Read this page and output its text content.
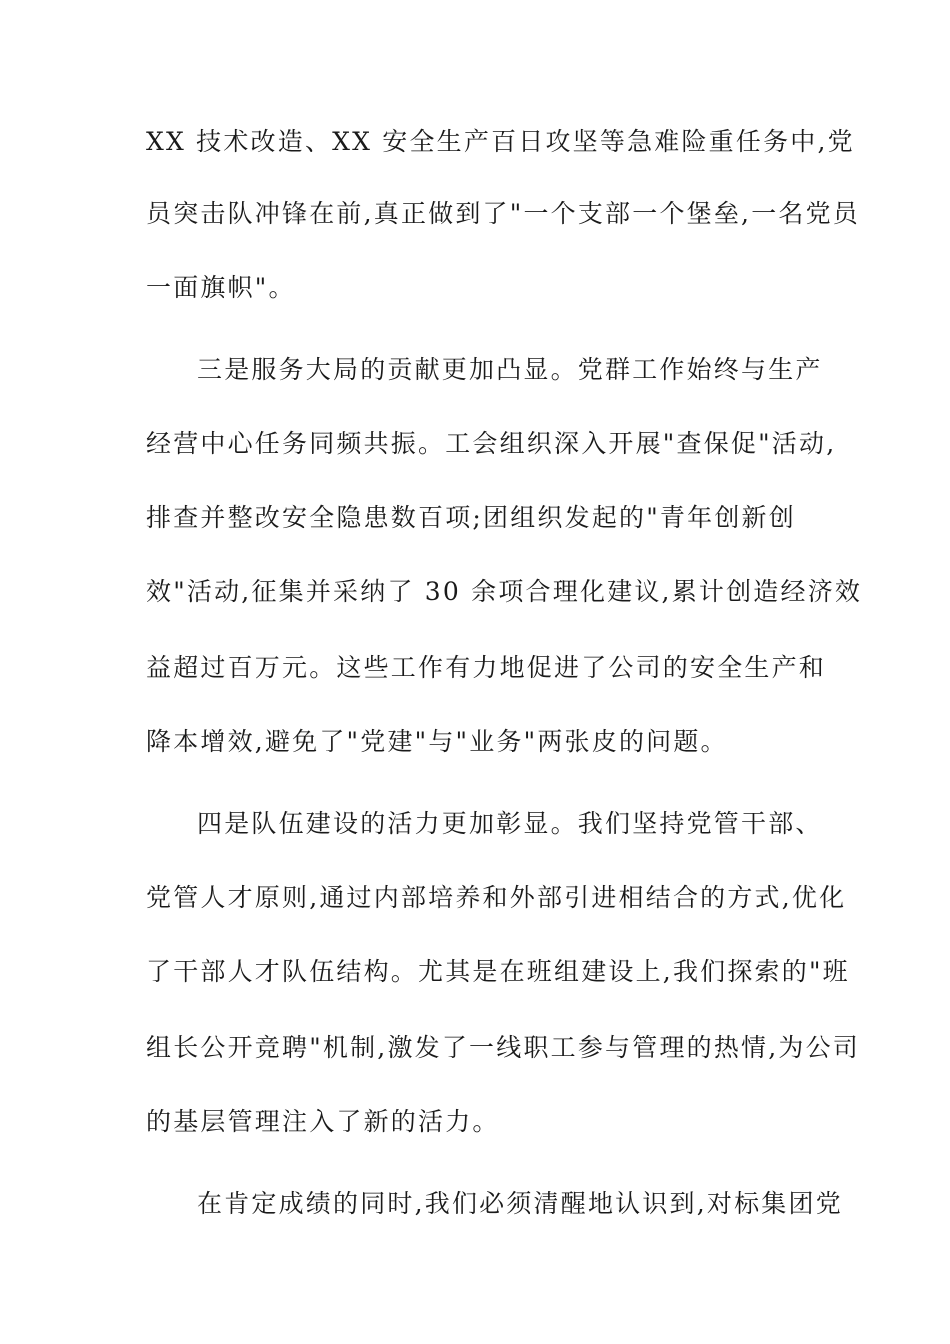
XX 技术改造、XX 安全生产百日攻坚等急难险重任务中,党
员突击队冲锋在前,真正做到了"一个支部一个堡垒,一名党员
一面旗帜"。
三是服务大局的贡献更加凸显。党群工作始终与生产
经营中心任务同频共振。工会组织深入开展"查保促"活动,
排查并整改安全隐患数百项;团组织发起的"青年创新创
效"活动,征集并采纳了 30 余项合理化建议,累计创造经济效
益超过百万元。这些工作有力地促进了公司的安全生产和
降本增效,避免了"党建"与"业务"两张皮的问题。
四是队伍建设的活力更加彰显。我们坚持党管干部、
党管人才原则,通过内部培养和外部引进相结合的方式,优化
了干部人才队伍结构。尤其是在班组建设上,我们探索的"班
组长公开竞聘"机制,激发了一线职工参与管理的热情,为公司
的基层管理注入了新的活力。
在肯定成绩的同时,我们必须清醒地认识到,对标集团党
